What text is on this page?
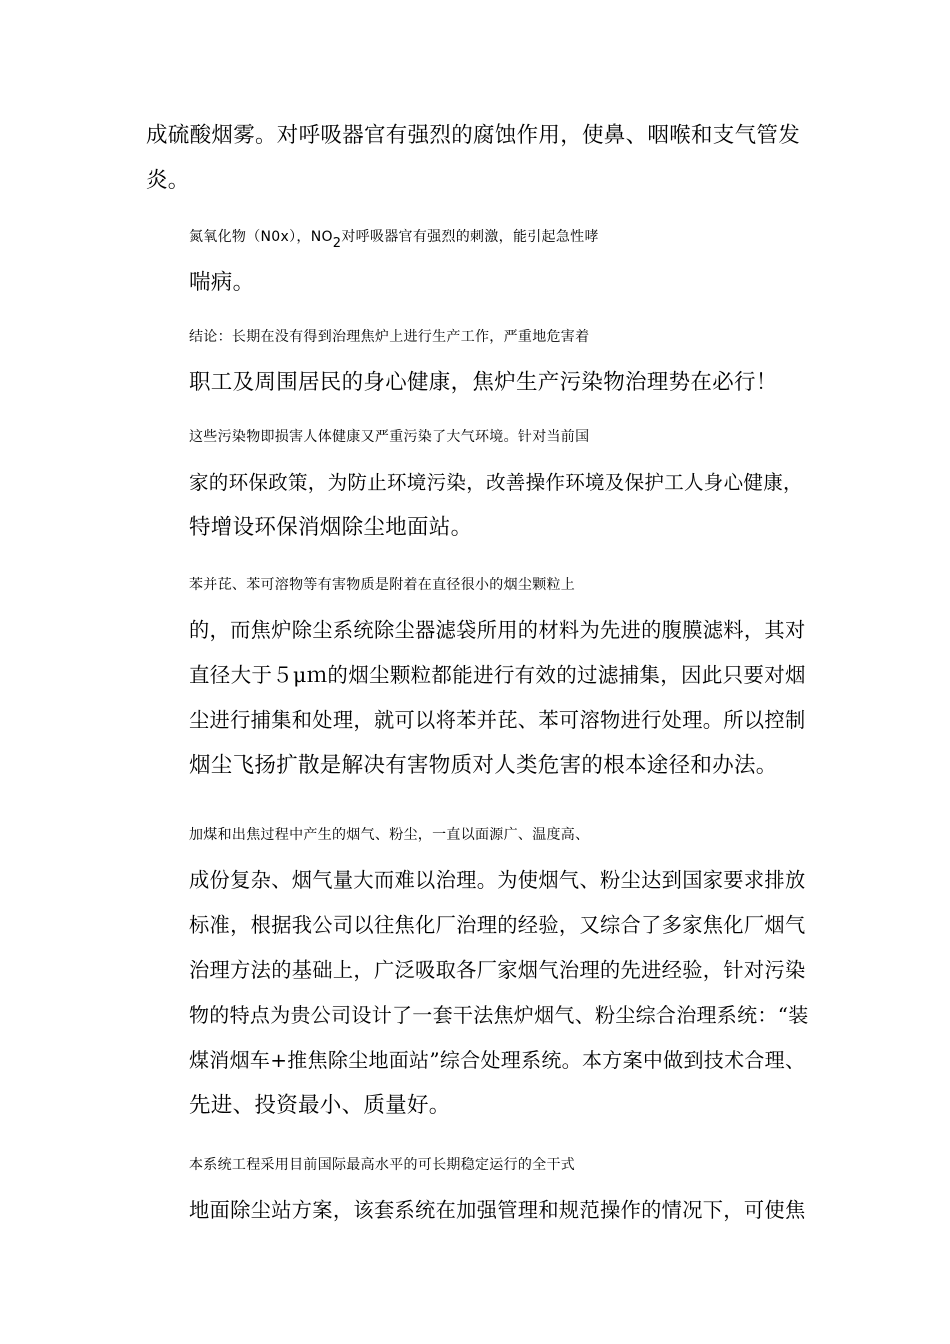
成硫酸烟雾。对呼吸器官有强烈的腐蚀作用，使鼻、咽喉和支气管发
炎。

氮氧化物（N0x），$NO_2$对呼吸器官有强烈的刺激，能引起急性哮
喘病。

结论：长期在没有得到治理焦炉上进行生产工作，严重地危害着
职工及周围居民的身心健康，焦炉生产污染物治理势在必行！

这些污染物即损害人体健康又严重污染了大气环境。针对当前国
家的环保政策，为防止环境污染，改善操作环境及保护工人身心健康，
特增设环保消烟除尘地面站。

苯并芘、苯可溶物等有害物质是附着在直径很小的烟尘颗粒上
的，而焦炉除尘系统除尘器滤袋所用的材料为先进的腹膜滤料，其对
直径大于５μｍ的烟尘颗粒都能进行有效的过滤捕集，因此只要对烟
尘进行捕集和处理，就可以将苯并芘、苯可溶物进行处理。所以控制
烟尘飞扬扩散是解决有害物质对人类危害的根本途径和办法。

加煤和出焦过程中产生的烟气、粉尘，一直以面源广、温度高、
成份复杂、烟气量大而难以治理。为使烟气、粉尘达到国家要求排放
标准，根据我公司以往焦化厂治理的经验，又综合了多家焦化厂烟气
治理方法的基础上，广泛吸取各厂家烟气治理的先进经验，针对污染
物的特点为贵公司设计了一套干法焦炉烟气、粉尘综合治理系统：“装
煤消烟车+推焦除尘地面站”综合处理系统。本方案中做到技术合理、
先进、投资最小、质量好。

本系统工程采用目前国际最高水平的可长期稳定运行的全干式
地面除尘站方案，该套系统在加强管理和规范操作的情况下，可使焦
